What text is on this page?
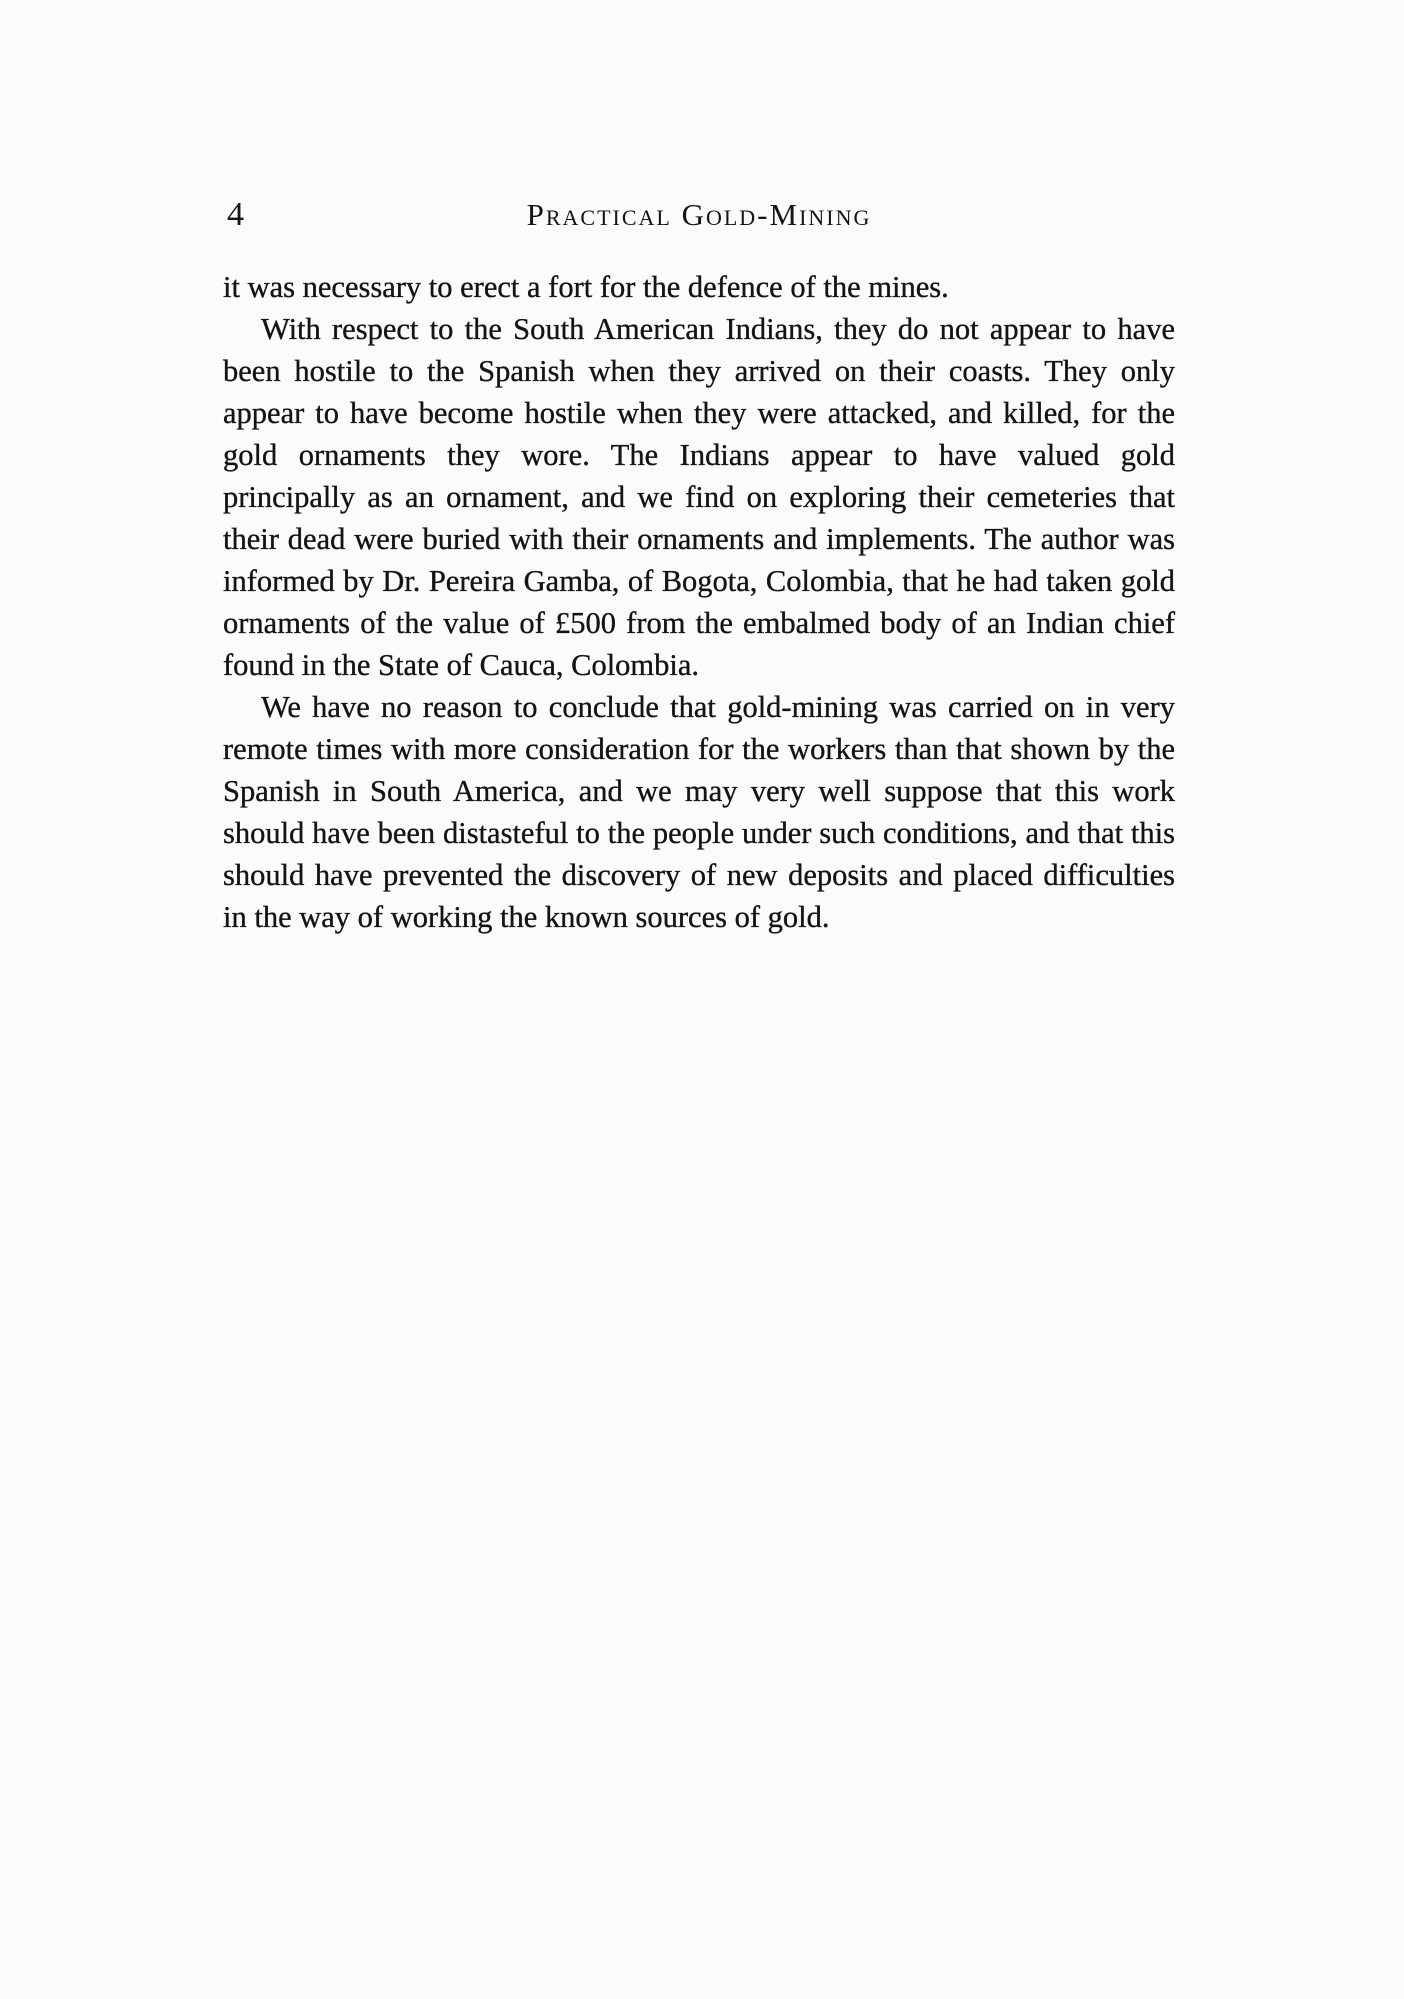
4	Practical Gold-Mining

it was necessary to erect a fort for the defence of the mines.

With respect to the South American Indians, they do not appear to have been hostile to the Spanish when they arrived on their coasts. They only appear to have become hostile when they were attacked, and killed, for the gold ornaments they wore. The Indians appear to have valued gold principally as an ornament, and we find on exploring their cemeteries that their dead were buried with their ornaments and implements. The author was informed by Dr. Pereira Gamba, of Bogota, Colombia, that he had taken gold ornaments of the value of £500 from the embalmed body of an Indian chief found in the State of Cauca, Colombia.

We have no reason to conclude that gold-mining was carried on in very remote times with more consideration for the workers than that shown by the Spanish in South America, and we may very well suppose that this work should have been distasteful to the people under such conditions, and that this should have prevented the discovery of new deposits and placed difficulties in the way of working the known sources of gold.
